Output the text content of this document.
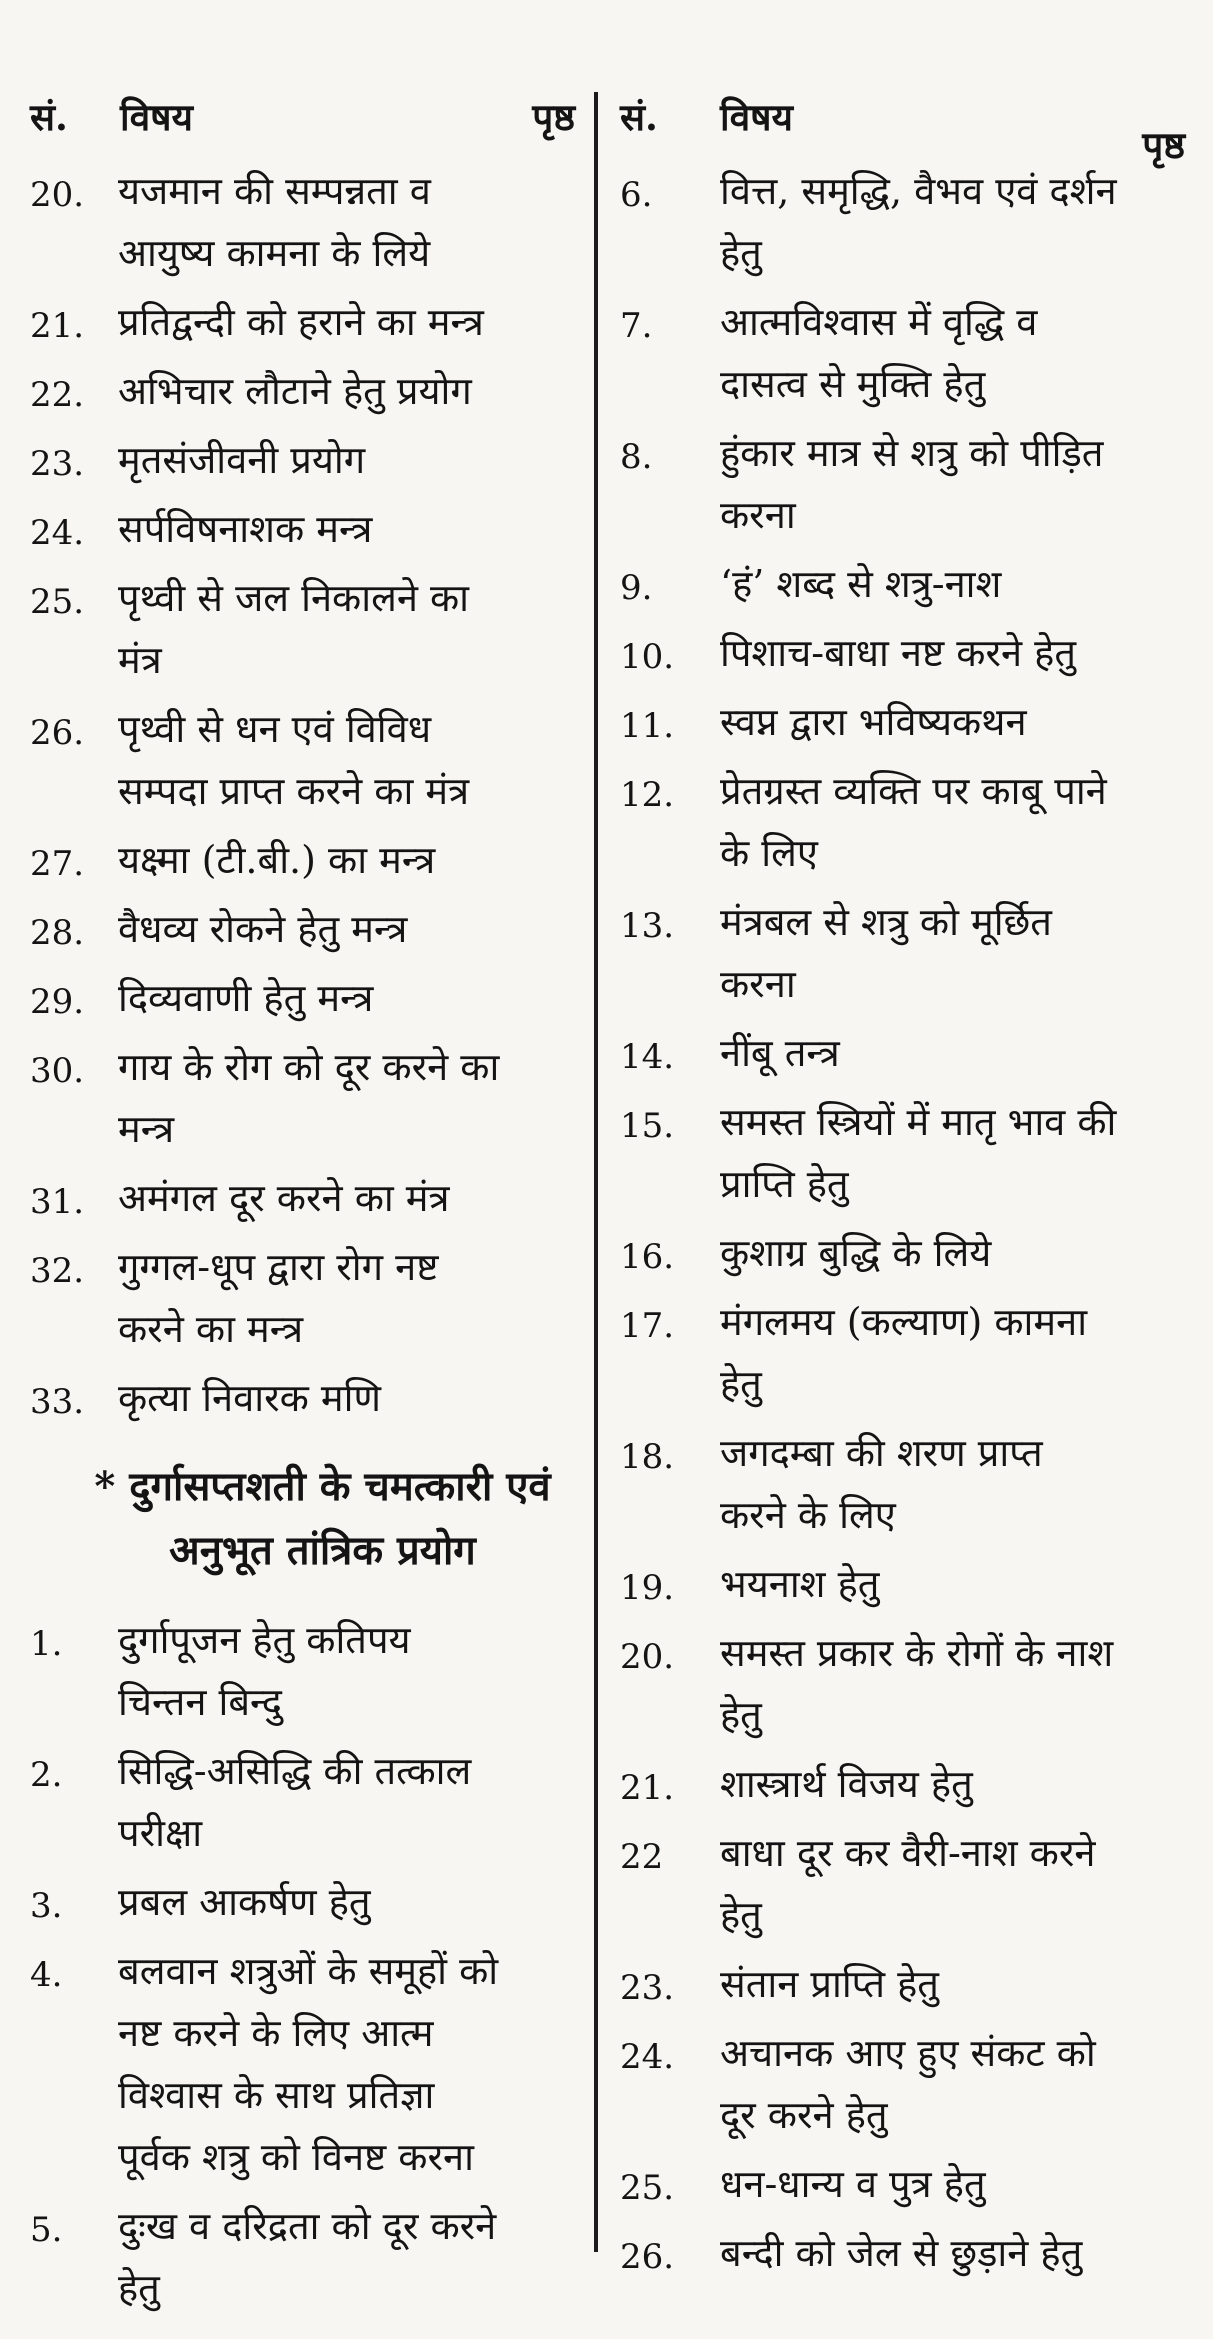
सं. विषय	पृष्ठ
20. यजमान की सम्पन्नता व आयुष्य कामना के लिये
21. प्रतिद्वन्दी को हराने का मन्त्र
22. अभिचार लौटाने हेतु प्रयोग
23. मृतसंजीवनी प्रयोग
24. सर्पविषनाशक मन्त्र
25. पृथ्वी से जल निकालने का मंत्र
26. पृथ्वी से धन एवं विविध सम्पदा प्राप्त करने का मंत्र
27. यक्ष्मा (टी.बी.) का मन्त्र
28. वैधव्य रोकने हेतु मन्त्र
29. दिव्यवाणी हेतु मन्त्र
30. गाय के रोग को दूर करने का मन्त्र
31. अमंगल दूर करने का मंत्र
32. गुग्गल-धूप द्वारा रोग नष्ट करने का मन्त्र
33. कृत्या निवारक मणि
* दुर्गासप्तशती के चमत्कारी एवं अनुभूत तांत्रिक प्रयोग
1. दुर्गापूजन हेतु कतिपय चिन्तन बिन्दु
2. सिद्धि-असिद्धि की तत्काल परीक्षा
3. प्रबल आकर्षण हेतु
4. बलवान शत्रुओं के समूहों को नष्ट करने के लिए आत्म विश्वास के साथ प्रतिज्ञा पूर्वक शत्रु को विनष्ट करना
5. दुःख व दरिद्रता को दूर करने हेतु
सं. विषय
पृष्ठ
6. वित्त, समृद्धि, वैभव एवं दर्शन हेतु
7. आत्मविश्वास में वृद्धि व दासत्व से मुक्ति हेतु
8. हुंकार मात्र से शत्रु को पीड़ित करना
9. ‘हं’ शब्द से शत्रु-नाश
10. पिशाच-बाधा नष्ट करने हेतु
11. स्वप्न द्वारा भविष्यकथन
12. प्रेतग्रस्त व्यक्ति पर काबू पाने के लिए
13. मंत्रबल से शत्रु को मूर्छित करना
14. नींबू तन्त्र
15. समस्त स्त्रियों में मातृ भाव की प्राप्ति हेतु
16. कुशाग्र बुद्धि के लिये
17. मंगलमय (कल्याण) कामना हेतु
18. जगदम्बा की शरण प्राप्त करने के लिए
19. भयनाश हेतु
20. समस्त प्रकार के रोगों के नाश हेतु
21. शास्त्रार्थ विजय हेतु
22 बाधा दूर कर वैरी-नाश करने हेतु
23. संतान प्राप्ति हेतु
24. अचानक आए हुए संकट को दूर करने हेतु
25. धन-धान्य व पुत्र हेतु
26. बन्दी को जेल से छुड़ाने हेतु
